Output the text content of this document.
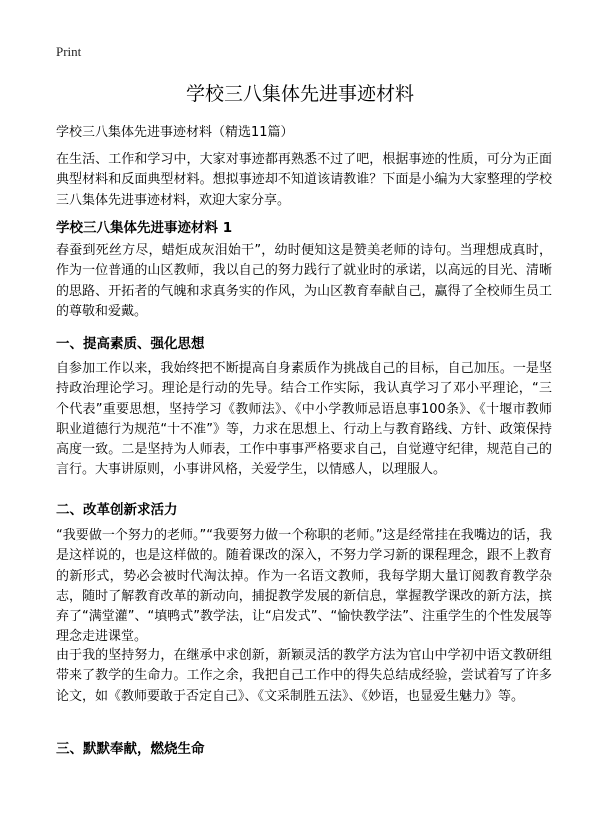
Print
学校三八集体先进事迹材料

学校三八集体先进事迹材料（精选11篇）

在生活、工作和学习中，大家对事迹都再熟悉不过了吧，根据事迹的性质，可分为正面典型材料和反面典型材料。想拟事迹却不知道该请教谁？下面是小编为大家整理的学校三八集体先进事迹材料，欢迎大家分享。

学校三八集体先进事迹材料 1

春蚕到死丝方尽，蜡炬成灰泪始干”，幼时便知这是赞美老师的诗句。当理想成真时，作为一位普通的山区教师，我以自己的努力践行了就业时的承诺，以高远的目光、清晰的思路、开拓者的气魄和求真务实的作风，为山区教育奉献自己，赢得了全校师生员工的尊敬和爱戴。

一、提高素质、强化思想

自参加工作以来，我始终把不断提高自身素质作为挑战自己的目标，自己加压。一是坚持政治理论学习。理论是行动的先导。结合工作实际，我认真学习了邓小平理论，“三个代表”重要思想，坚持学习《教师法》、《中小学教师忌语息事100条》、《十堰市教师职业道德行为规范“十不准”》等，力求在思想上、行动上与教育路线、方针、政策保持高度一致。二是坚持为人师表，工作中事事严格要求自己，自觉遵守纪律，规范自己的言行。大事讲原则，小事讲风格，关爱学生，以情感人，以理服人。

二、改革创新求活力

“我要做一个努力的老师。”“我要努力做一个称职的老师。”这是经常挂在我嘴边的话，我是这样说的，也是这样做的。随着课改的深入，不努力学习新的课程理念，跟不上教育的新形式，势必会被时代淘汰掉。作为一名语文教师，我每学期大量订阅教育教学杂志，随时了解教育改革的新动向，捕捉教学发展的新信息，掌握教学课改的新方法，摈弃了“满堂灌”、“填鸭式”教学法，让“启发式”、“愉快教学法”、注重学生的个性发展等理念走进课堂。

由于我的坚持努力，在继承中求创新，新颖灵活的教学方法为官山中学初中语文教研组带来了教学的生命力。工作之余，我把自己工作中的得失总结成经验，尝试着写了许多论文，如《教师要敢于否定自己》、《文采制胜五法》、《妙语，也显爱生魅力》等。

三、默默奉献，燃烧生命
